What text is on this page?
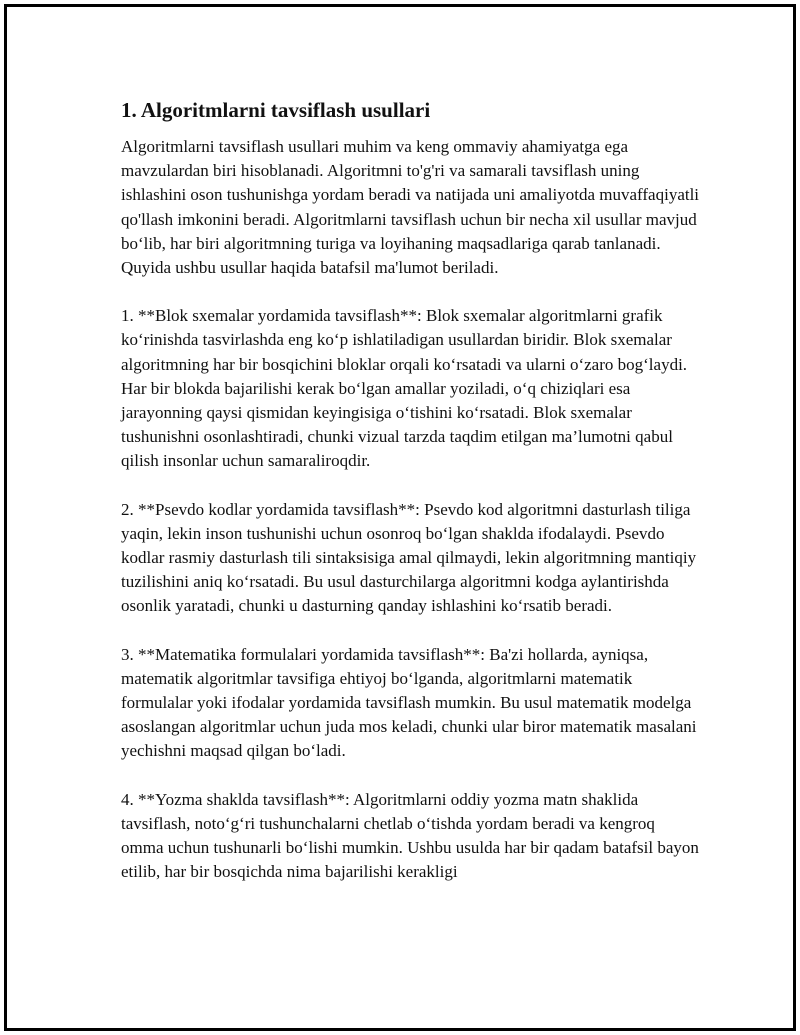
1. Algoritmlarni tavsiflash usullari

Algoritmlarni tavsiflash usullari muhim va keng ommaviy ahamiyatga ega mavzulardan biri hisoblanadi. Algoritmni to'g'ri va samarali tavsiflash uning ishlashini oson tushunishga yordam beradi va natijada uni amaliyotda muvaffaqiyatli qo'llash imkonini beradi. Algoritmlarni tavsiflash uchun bir necha xil usullar mavjud bo‘lib, har biri algoritmning turiga va loyihaning maqsadlariga qarab tanlanadi. Quyida ushbu usullar haqida batafsil ma'lumot beriladi.

1. **Blok sxemalar yordamida tavsiflash**: Blok sxemalar algoritmlarni grafik ko‘rinishda tasvirlashda eng ko‘p ishlatiladigan usullardan biridir. Blok sxemalar algoritmning har bir bosqichini bloklar orqali ko‘rsatadi va ularni o‘zaro bog‘laydi. Har bir blokda bajarilishi kerak bo‘lgan amallar yoziladi, o‘q chiziqlari esa jarayonning qaysi qismidan keyingisiga o‘tishini ko‘rsatadi. Blok sxemalar tushunishni osonlashtiradi, chunki vizual tarzda taqdim etilgan ma’lumotni qabul qilish insonlar uchun samaraliroqdir.

2. **Psevdo kodlar yordamida tavsiflash**: Psevdo kod algoritmni dasturlash tiliga yaqin, lekin inson tushunishi uchun osonroq bo‘lgan shaklda ifodalaydi. Psevdo kodlar rasmiy dasturlash tili sintaksisiga amal qilmaydi, lekin algoritmning mantiqiy tuzilishini aniq ko‘rsatadi. Bu usul dasturchilarga algoritmni kodga aylantirishda osonlik yaratadi, chunki u dasturning qanday ishlashini ko‘rsatib beradi.

3. **Matematika formulalari yordamida tavsiflash**: Ba'zi hollarda, ayniqsa, matematik algoritmlar tavsifiga ehtiyoj bo‘lganda, algoritmlarni matematik formulalar yoki ifodalar yordamida tavsiflash mumkin. Bu usul matematik modelga asoslangan algoritmlar uchun juda mos keladi, chunki ular biror matematik masalani yechishni maqsad qilgan bo‘ladi.

4. **Yozma shaklda tavsiflash**: Algoritmlarni oddiy yozma matn shaklida tavsiflash, noto‘g‘ri tushunchalarni chetlab o‘tishda yordam beradi va kengroq omma uchun tushunarli bo‘lishi mumkin. Ushbu usulda har bir qadam batafsil bayon etilib, har bir bosqichda nima bajarilishi kerakligi
